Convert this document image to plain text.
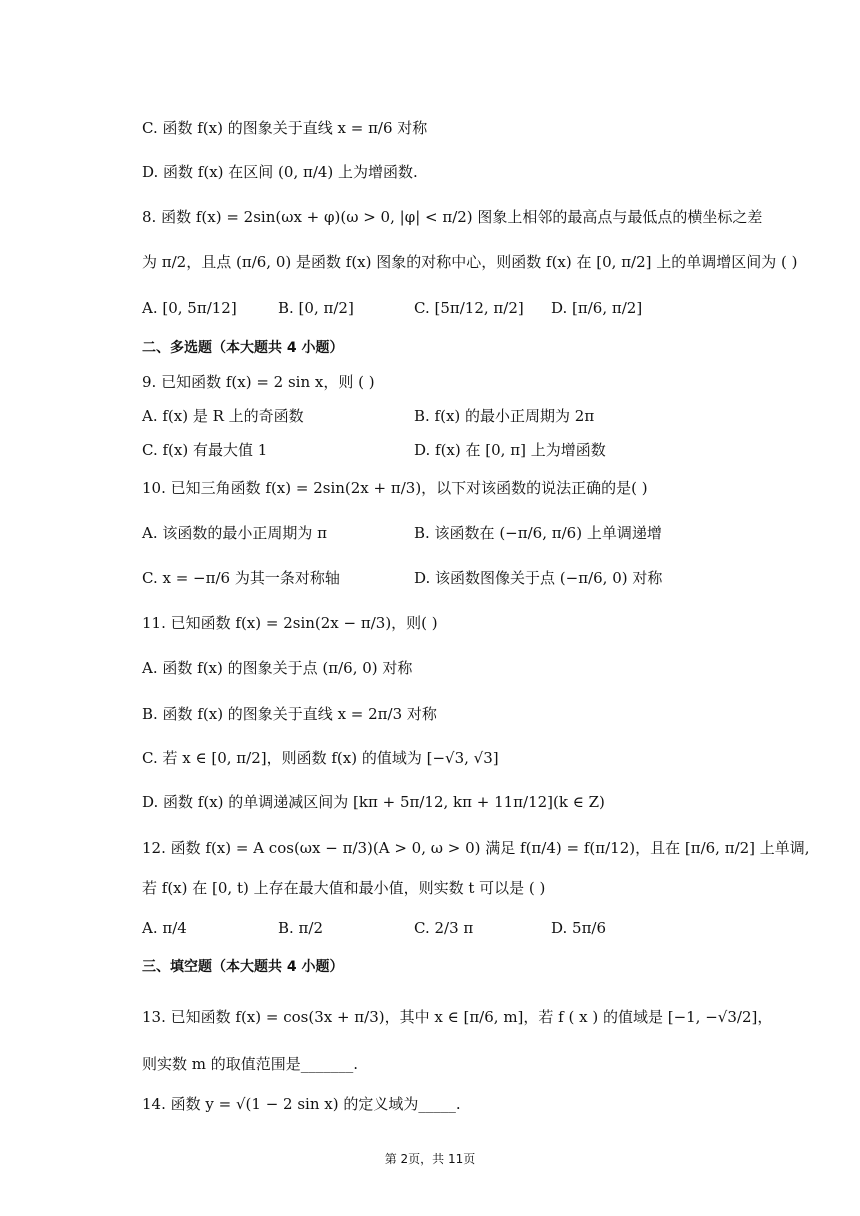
C. 函数 f(x) 的图象关于直线 x = π/6 对称
D. 函数 f(x) 在区间 (0, π/4) 上为增函数.
8. 函数 f(x) = 2sin(ωx + φ)(ω > 0, |φ| < π/2) 图象上相邻的最高点与最低点的横坐标之差
为 π/2，且点 (π/6, 0) 是函数 f(x) 图象的对称中心，则函数 f(x) 在 [0, π/2] 上的单调增区间为 ( )
A. [0, 5π/12]	B. [0, π/2]	C. [5π/12, π/2] D. [π/6, π/2]
二、多选题（本大题共 4 小题）
9. 已知函数 f(x) = 2 sin x，则 ( )
A. f(x) 是 R 上的奇函数	B. f(x) 的最小正周期为 2π
C. f(x) 有最大值 1	D. f(x) 在 [0, π] 上为增函数
10. 已知三角函数 f(x) = 2sin(2x + π/3)，以下对该函数的说法正确的是( )
A. 该函数的最小正周期为 π	B. 该函数在 (−π/6, π/6) 上单调递增
C. x = −π/6 为其一条对称轴	D. 该函数图像关于点 (−π/6, 0) 对称
11. 已知函数 f(x) = 2sin(2x − π/3)，则( )
A. 函数 f(x) 的图象关于点 (π/6, 0) 对称
B. 函数 f(x) 的图象关于直线 x = 2π/3 对称
C. 若 x ∈ [0, π/2]，则函数 f(x) 的值域为 [−√3, √3]
D. 函数 f(x) 的单调递减区间为 [kπ + 5π/12, kπ + 11π/12](k ∈ Z)
12. 函数 f(x) = A cos(ωx − π/3)(A > 0, ω > 0) 满足 f(π/4) = f(π/12)，且在 [π/6, π/2] 上单调,
若 f(x) 在 [0, t) 上存在最大值和最小值，则实数 t 可以是 ( )
A. π/4	B. π/2	C. 2/3 π	D. 5π/6
三、填空题（本大题共 4 小题）
13. 已知函数 f(x) = cos(3x + π/3)，其中 x ∈ [π/6, m]，若 f ( x ) 的值域是 [−1, −√3/2]，
则实数 m 的取值范围是_______.
14. 函数 y = √(1 − 2 sin x) 的定义域为_____.
第 2页，共 11页
